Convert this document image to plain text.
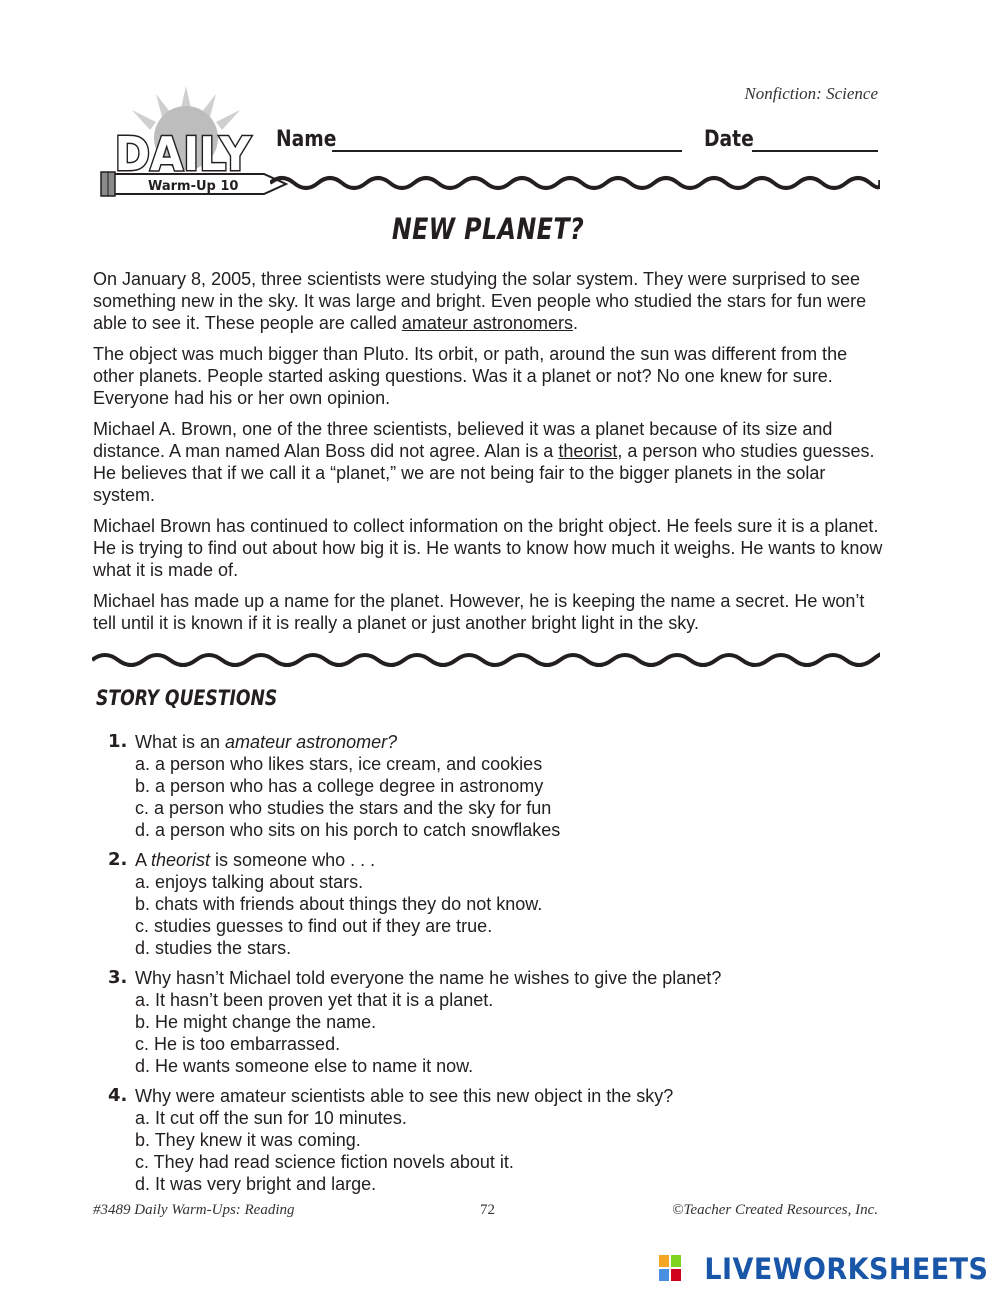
Nonfiction: Science
DAILY
Warm-Up 10
Name	Date
NEW PLANET?

On January 8, 2005, three scientists were studying the solar system. They were surprised to see something new in the sky. It was large and bright. Even people who studied the stars for fun were able to see it. These people are called amateur astronomers.

The object was much bigger than Pluto. Its orbit, or path, around the sun was different from the other planets. People started asking questions. Was it a planet or not? No one knew for sure. Everyone had his or her own opinion.

Michael A. Brown, one of the three scientists, believed it was a planet because of its size and distance. A man named Alan Boss did not agree. Alan is a theorist, a person who studies guesses. He believes that if we call it a “planet,” we are not being fair to the bigger planets in the solar system.

Michael Brown has continued to collect information on the bright object. He feels sure it is a planet. He is trying to find out about how big it is. He wants to know how much it weighs. He wants to know what it is made of.

Michael has made up a name for the planet. However, he is keeping the name a secret. He won’t tell until it is known if it is really a planet or just another bright light in the sky.

STORY QUESTIONS
1. What is an amateur astronomer?
a. a person who likes stars, ice cream, and cookies
b. a person who has a college degree in astronomy
c. a person who studies the stars and the sky for fun
d. a person who sits on his porch to catch snowflakes
2. A theorist is someone who . . .
a. enjoys talking about stars.
b. chats with friends about things they do not know.
c. studies guesses to find out if they are true.
d. studies the stars.
3. Why hasn’t Michael told everyone the name he wishes to give the planet?
a. It hasn’t been proven yet that it is a planet.
b. He might change the name.
c. He is too embarrassed.
d. He wants someone else to name it now.
4. Why were amateur scientists able to see this new object in the sky?
a. It cut off the sun for 10 minutes.
b. They knew it was coming.
c. They had read science fiction novels about it.
d. It was very bright and large.
#3489 Daily Warm-Ups: Reading	72	©Teacher Created Resources, Inc.
LIVEWORKSHEETS
